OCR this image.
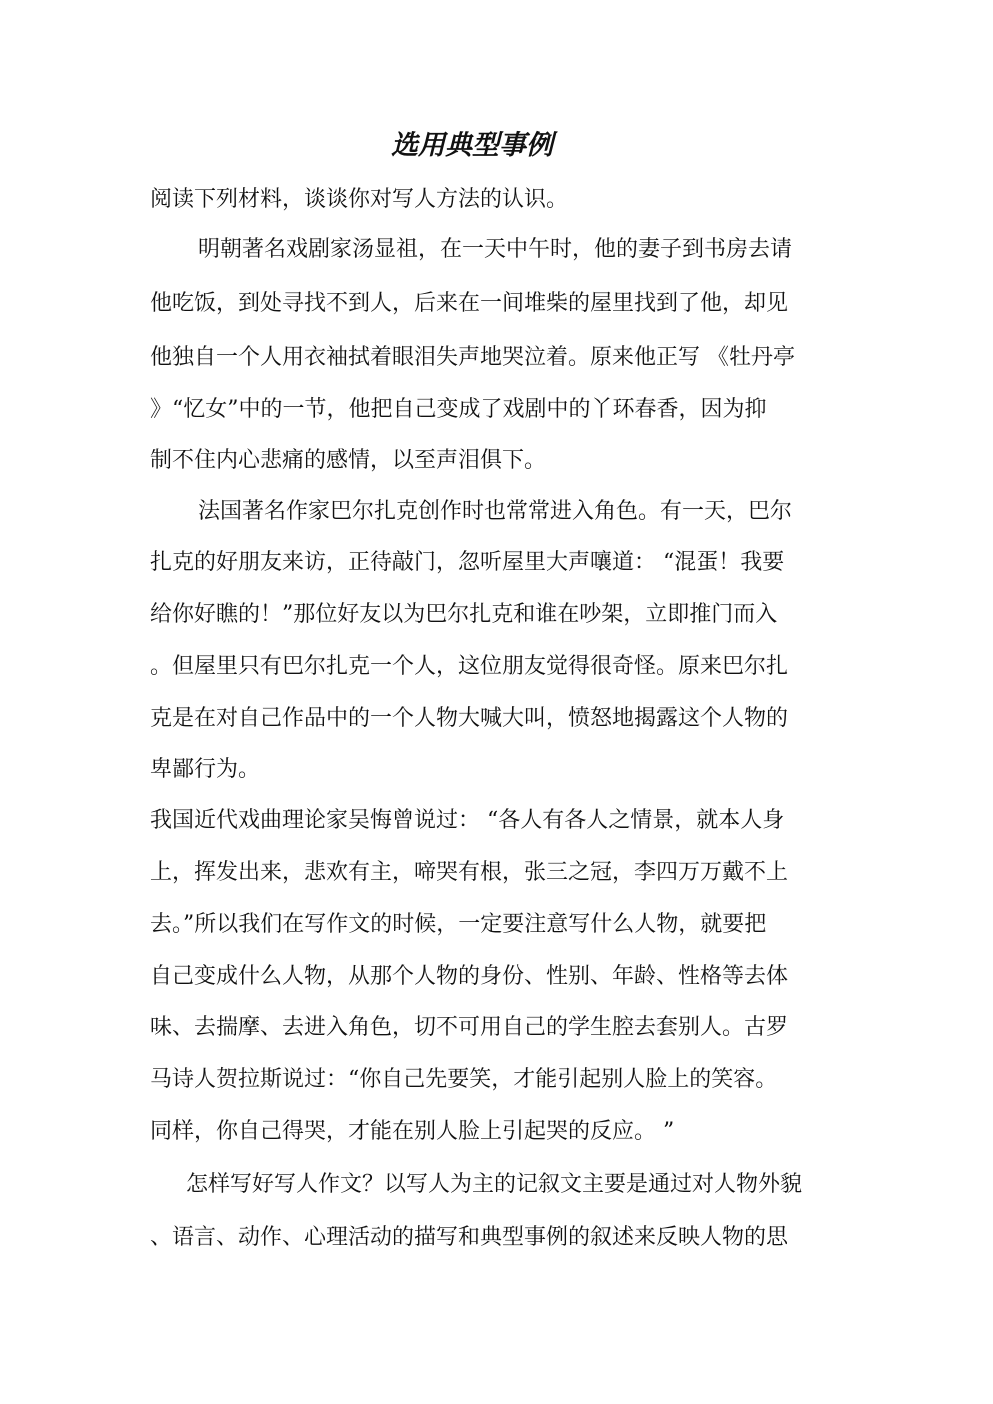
选用典型事例
阅读下列材料，谈谈你对写人方法的认识。
明朝著名戏剧家汤显祖，在一天中午时，他的妻子到书房去请
他吃饭，到处寻找不到人，后来在一间堆柴的屋里找到了他，却见
他独自一个人用衣袖拭着眼泪失声地哭泣着。原来他正写 《牡丹亭
》“忆女”中的一节，他把自己变成了戏剧中的丫环春香，因为抑
制不住内心悲痛的感情，以至声泪俱下。
法国著名作家巴尔扎克创作时也常常进入角色。有一天，巴尔
扎克的好朋友来访，正待敲门，忽听屋里大声嚷道： “混蛋！我要
给你好瞧的！”那位好友以为巴尔扎克和谁在吵架，立即推门而入
。但屋里只有巴尔扎克一个人，这位朋友觉得很奇怪。原来巴尔扎
克是在对自己作品中的一个人物大喊大叫，愤怒地揭露这个人物的
卑鄙行为。
我国近代戏曲理论家吴悔曾说过： “各人有各人之情景，就本人身
上，挥发出来，悲欢有主，啼哭有根，张三之冠，李四万万戴不上
去。”所以我们在写作文的时候，一定要注意写什么人物，就要把
自己变成什么人物，从那个人物的身份、性别、年龄、性格等去体
味、去揣摩、去进入角色，切不可用自己的学生腔去套别人。古罗
马诗人贺拉斯说过：“你自己先要笑，才能引起别人脸上的笑容。
同样，你自己得哭，才能在别人脸上引起哭的反应。 ”
怎样写好写人作文？以写人为主的记叙文主要是通过对人物外貌
、语言、动作、心理活动的描写和典型事例的叙述来反映人物的思
